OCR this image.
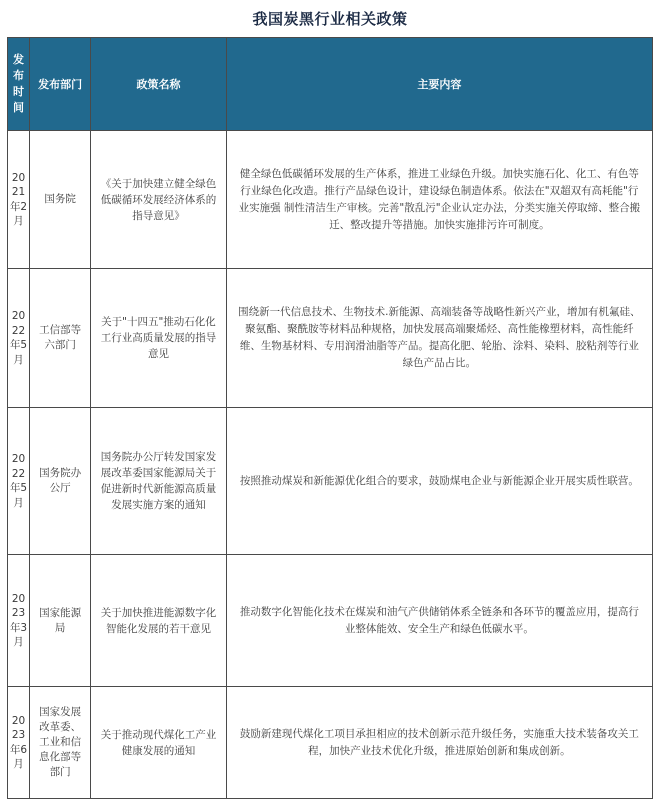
我国炭黑行业相关政策
发布时间	发布部门	政策名称	主要内容
2021年2月	国务院	《关于加快建立健全绿色低碳循环发展经济体系的指导意见》	健全绿色低碳循环发展的生产体系，推进工业绿色升级。加快实施石化、化工、有色等行业绿色化改造。推行产品绿色设计，建设绿色制造体系。依法在"双超双有高耗能"行业实施强 制性清洁生产审核。完善"散乱污"企业认定办法，分类实施关停取缔、整合搬迁、整改提升等措施。加快实施排污许可制度。
2022年5月	工信部等六部门	关于"十四五"推动石化化工行业高质量发展的指导意见	围绕新一代信息技术、生物技术.新能源、高端装备等战略性新兴产业，增加有机氟硅、聚氨酯、聚酰胺等材料品种规格，加快发展高端聚烯烃、高性能橡塑材料，高性能纤维、生物基材料、专用润滑油脂等产品。提高化肥、轮胎、涂料、染料、胶粘剂等行业绿色产品占比。
2022年5月	国务院办公厅	国务院办公厅转发国家发展改革委国家能源局关于促进新时代新能源高质量发展实施方案的通知	按照推动煤炭和新能源优化组合的要求，鼓励煤电企业与新能源企业开展实质性联营。
2023年3月	国家能源局	关于加快推进能源数字化智能化发展的若干意见	推动数字化智能化技术在煤炭和油气产供储销体系全链条和各环节的覆盖应用，提高行业整体能效、安全生产和绿色低碳水平。
2023年6月	国家发展改革委、工业和信息化部等部门	关于推动现代煤化工产业健康发展的通知	鼓励新建现代煤化工项目承担相应的技术创新示范升级任务，实施重大技术装备攻关工程，加快产业技术优化升级，推进原始创新和集成创新。
